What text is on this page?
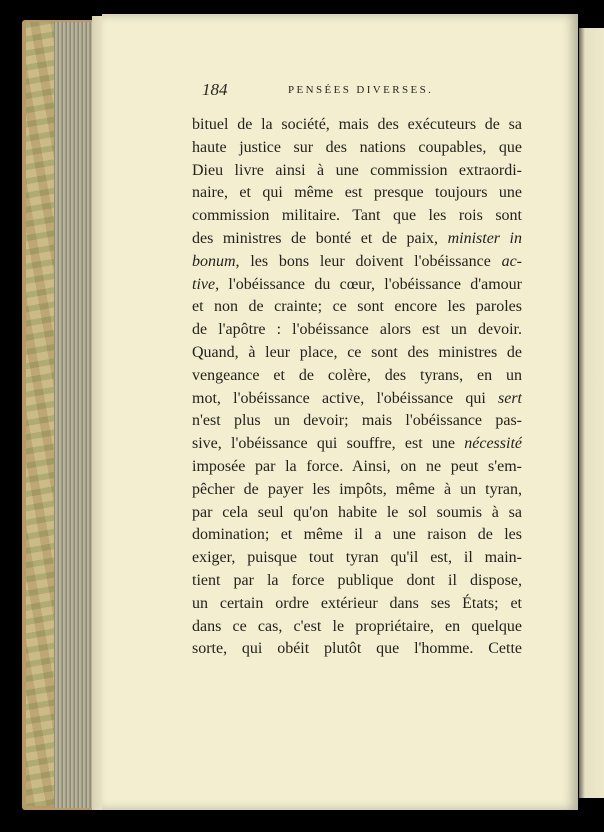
184	PENSÉES DIVERSES.
bituel de la société, mais des exécuteurs de sa
haute justice sur des nations coupables, que
Dieu livre ainsi à une commission extraordi-
naire, et qui même est presque toujours une
commission militaire. Tant que les rois sont
des ministres de bonté et de paix, minister in
bonum, les bons leur doivent l'obéissance ac-
tive, l'obéissance du cœur, l'obéissance d'amour
et non de crainte; ce sont encore les paroles
de l'apôtre : l'obéissance alors est un devoir.
Quand, à leur place, ce sont des ministres de
vengeance et de colère, des tyrans, en un
mot, l'obéissance active, l'obéissance qui sert
n'est plus un devoir; mais l'obéissance pas-
sive, l'obéissance qui souffre, est une nécessité
imposée par la force. Ainsi, on ne peut s'em-
pêcher de payer les impôts, même à un tyran,
par cela seul qu'on habite le sol soumis à sa
domination; et même il a une raison de les
exiger, puisque tout tyran qu'il est, il main-
tient par la force publique dont il dispose,
un certain ordre extérieur dans ses États; et
dans ce cas, c'est le propriétaire, en quelque
sorte, qui obéit plutôt que l'homme. Cette
